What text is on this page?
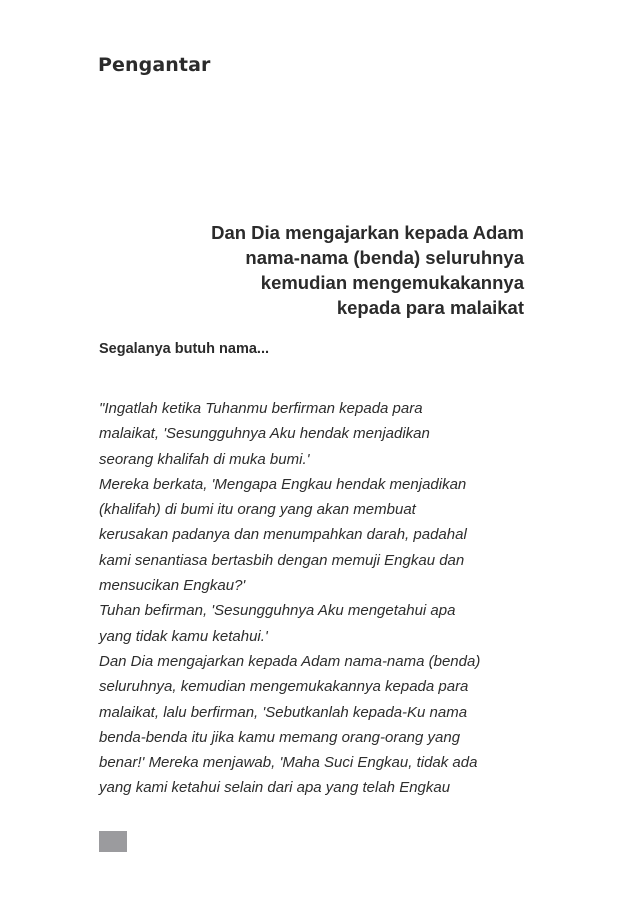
Pengantar
Dan Dia mengajarkan kepada Adam
nama-nama (benda) seluruhnya
kemudian mengemukakannya
kepada para malaikat
Segalanya butuh nama...

"Ingatlah ketika Tuhanmu berfirman kepada para
malaikat, 'Sesungguhnya Aku hendak menjadikan
seorang khalifah di muka bumi.'

Mereka berkata, 'Mengapa Engkau hendak menjadikan
(khalifah) di bumi itu orang yang akan membuat
kerusakan padanya dan menumpahkan darah, padahal
kami senantiasa bertasbih dengan memuji Engkau dan
mensucikan Engkau?'

Tuhan befirman, 'Sesungguhnya Aku mengetahui apa
yang tidak kamu ketahui.'

Dan Dia mengajarkan kepada Adam nama-nama (benda)
seluruhnya, kemudian mengemukakannya kepada para
malaikat, lalu berfirman, 'Sebutkanlah kepada-Ku nama
benda-benda itu jika kamu memang orang-orang yang
benar!' Mereka menjawab, 'Maha Suci Engkau, tidak ada
yang kami ketahui selain dari apa yang telah Engkau
